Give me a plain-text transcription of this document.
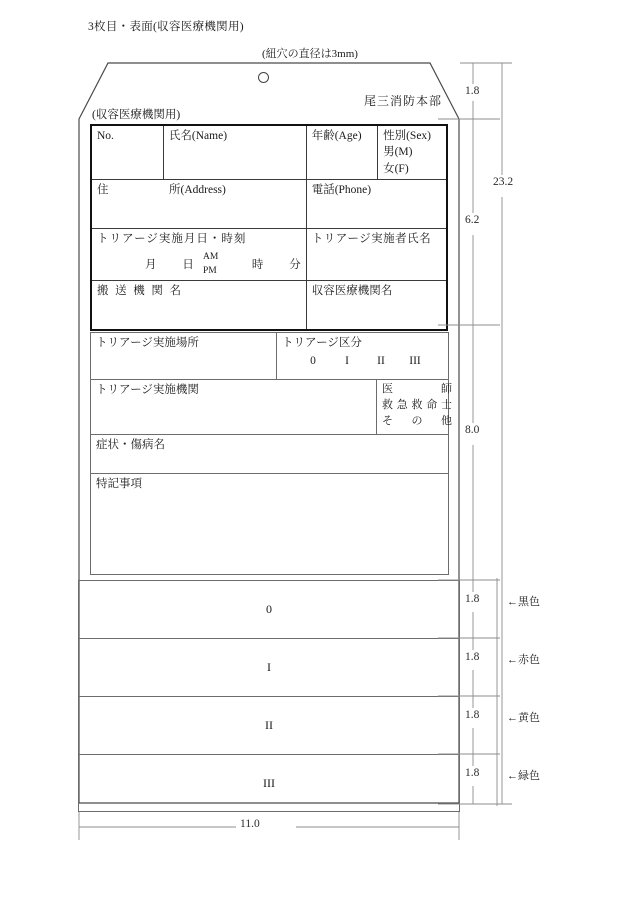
3枚目・表面(収容医療機関用)
(紐穴の直径は3mm)
尾三消防本部
(収容医療機関用)
No.	氏名(Name)	年齢(Age)	性別(Sex)
男(M)
女(F)

住 所(Address)		電話(Phone)	

トリアージ実施月日・時刻
月 日
AM
PM
時 分
	トリアージ実施者氏名
搬送機関名		収容医療機関名	
トリアージ実施場所	トリアージ区分
0 I II III	

トリアージ実施機関		医師 救急救命士 その他
症状・傷病名		
特記事項		
0
I
II
III
1.8
6.2
8.0
23.2
11.0
1.8
1.8
1.8
1.8
←黒色
←赤色
←黄色
←緑色
